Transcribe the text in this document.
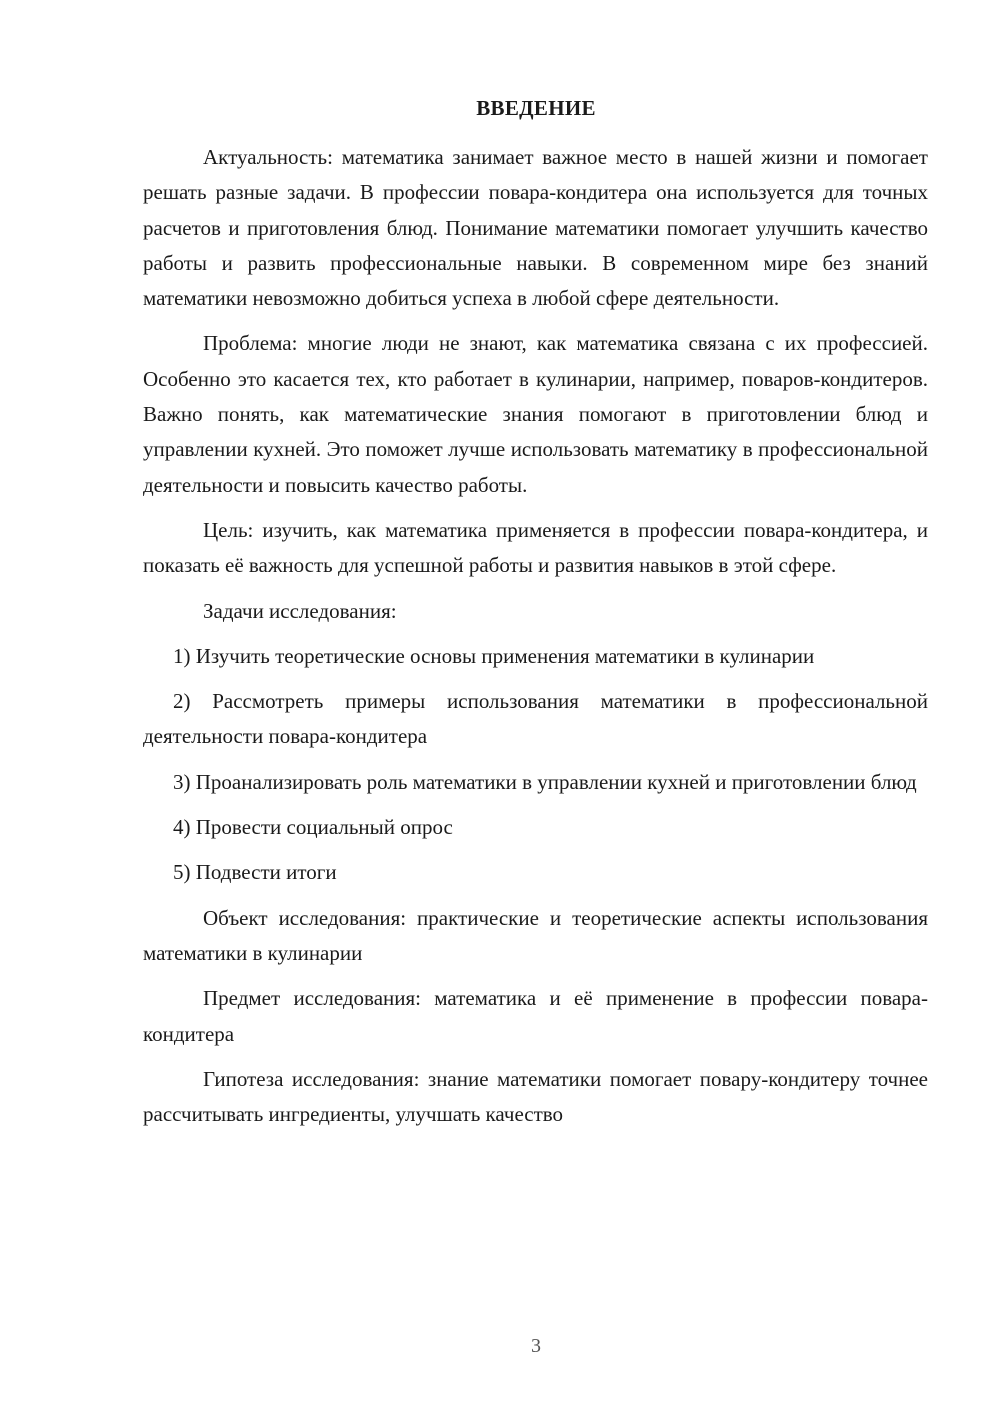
ВВЕДЕНИЕ

Актуальность: математика занимает важное место в нашей жизни и помогает решать разные задачи. В профессии повара-кондитера она используется для точных расчетов и приготовления блюд. Понимание математики помогает улучшить качество работы и развить профессиональные навыки. В современном мире без знаний математики невозможно добиться успеха в любой сфере деятельности.

Проблема: многие люди не знают, как математика связана с их профессией. Особенно это касается тех, кто работает в кулинарии, например, поваров-кондитеров. Важно понять, как математические знания помогают в приготовлении блюд и управлении кухней. Это поможет лучше использовать математику в профессиональной деятельности и повысить качество работы.

Цель: изучить, как математика применяется в профессии повара-кондитера, и показать её важность для успешной работы и развития навыков в этой сфере.

Задачи исследования:

1) Изучить теоретические основы применения математики в кулинарии

2) Рассмотреть примеры использования математики в профессиональной деятельности повара-кондитера

3) Проанализировать роль математики в управлении кухней и приготовлении блюд

4) Провести социальный опрос

5) Подвести итоги

Объект исследования: практические и теоретические аспекты использования математики в кулинарии

Предмет исследования: математика и её применение в профессии повара-кондитера

Гипотеза исследования: знание математики помогает повару-кондитеру точнее рассчитывать ингредиенты, улучшать качество

3
